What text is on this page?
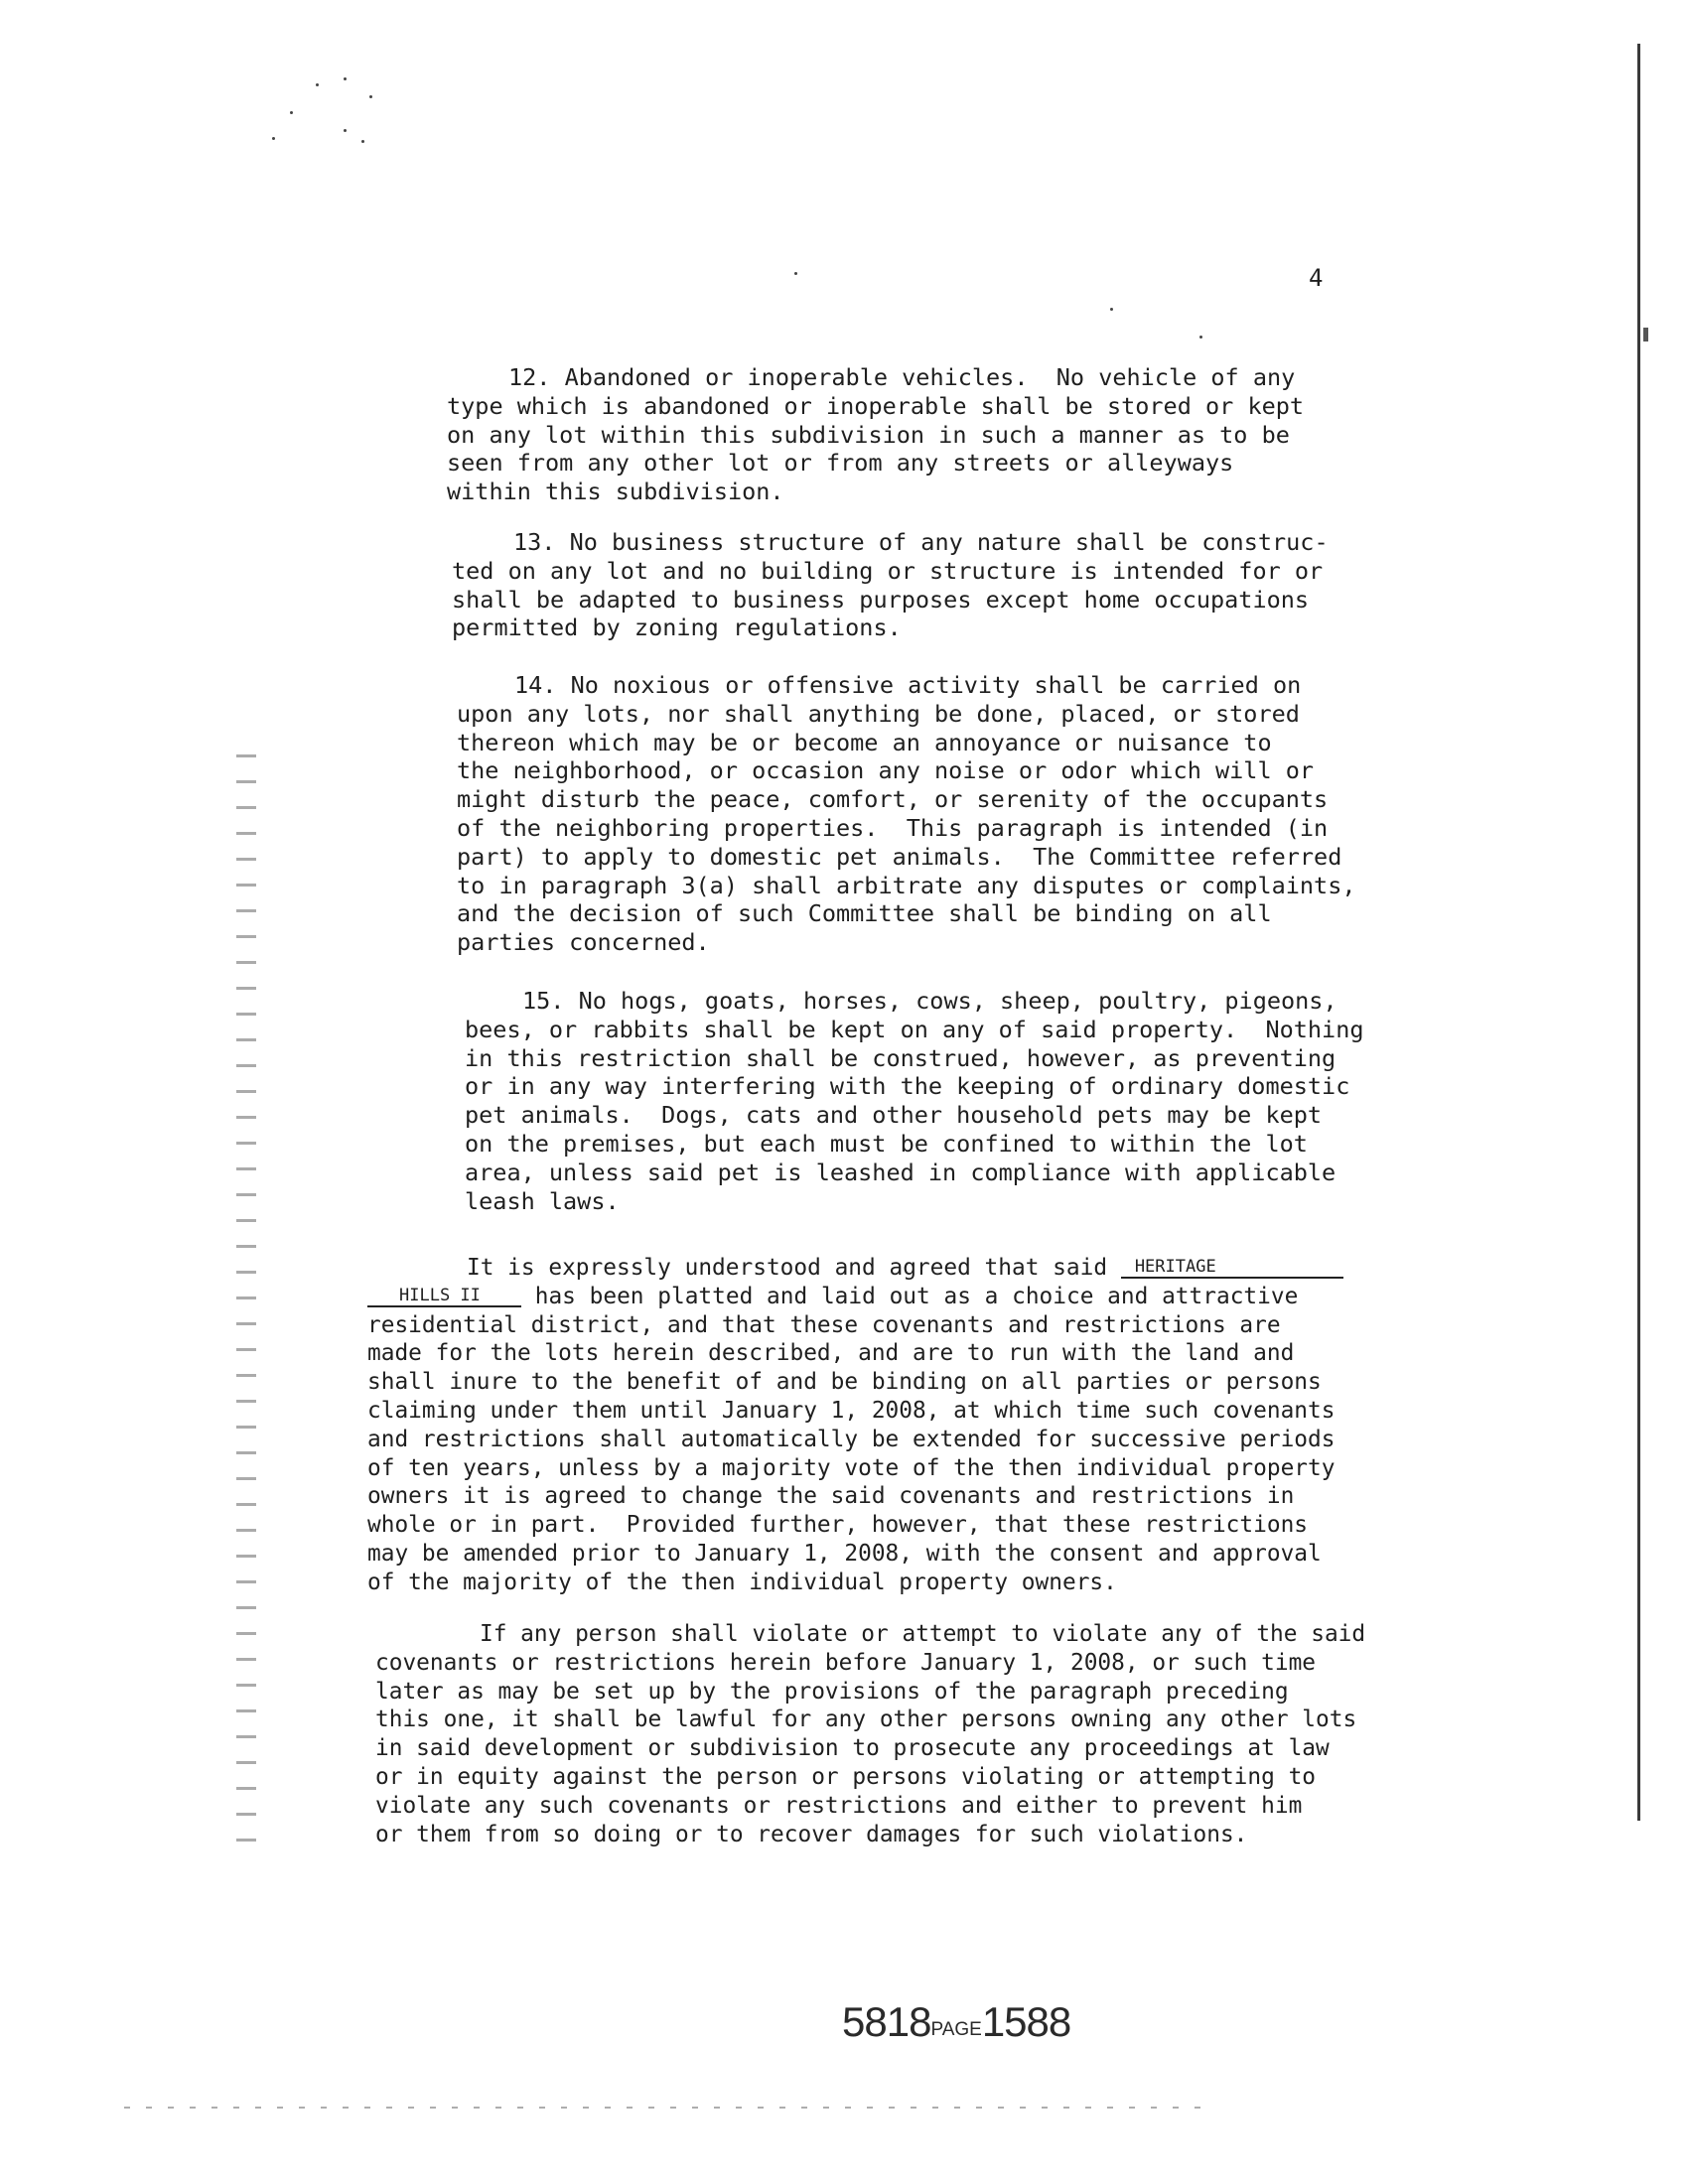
4
12. Abandoned or inoperable vehicles.  No vehicle of any
type which is abandoned or inoperable shall be stored or kept
on any lot within this subdivision in such a manner as to be
seen from any other lot or from any streets or alleyways
within this subdivision.
13. No business structure of any nature shall be construc-
ted on any lot and no building or structure is intended for or
shall be adapted to business purposes except home occupations
permitted by zoning regulations.
14. No noxious or offensive activity shall be carried on
upon any lots, nor shall anything be done, placed, or stored
thereon which may be or become an annoyance or nuisance to
the neighborhood, or occasion any noise or odor which will or
might disturb the peace, comfort, or serenity of the occupants
of the neighboring properties.  This paragraph is intended (in
part) to apply to domestic pet animals.  The Committee referred
to in paragraph 3(a) shall arbitrate any disputes or complaints,
and the decision of such Committee shall be binding on all
parties concerned.
15. No hogs, goats, horses, cows, sheep, poultry, pigeons,
bees, or rabbits shall be kept on any of said property.  Nothing
in this restriction shall be construed, however, as preventing
or in any way interfering with the keeping of ordinary domestic
pet animals.  Dogs, cats and other household pets may be kept
on the premises, but each must be confined to within the lot
area, unless said pet is leashed in compliance with applicable
leash laws.
It is expressly understood and agreed that said HERITAGE
HILLS II has been platted and laid out as a choice and attractive
residential district, and that these covenants and restrictions are
made for the lots herein described, and are to run with the land and
shall inure to the benefit of and be binding on all parties or persons
claiming under them until January 1, 2008, at which time such covenants
and restrictions shall automatically be extended for successive periods
of ten years, unless by a majority vote of the then individual property
owners it is agreed to change the said covenants and restrictions in
whole or in part.  Provided further, however, that these restrictions
may be amended prior to January 1, 2008, with the consent and approval
of the majority of the then individual property owners.
If any person shall violate or attempt to violate any of the said
covenants or restrictions herein before January 1, 2008, or such time
later as may be set up by the provisions of the paragraph preceding
this one, it shall be lawful for any other persons owning any other lots
in said development or subdivision to prosecute any proceedings at law
or in equity against the person or persons violating or attempting to
violate any such covenants or restrictions and either to prevent him
or them from so doing or to recover damages for such violations.
5818PAGE1588
